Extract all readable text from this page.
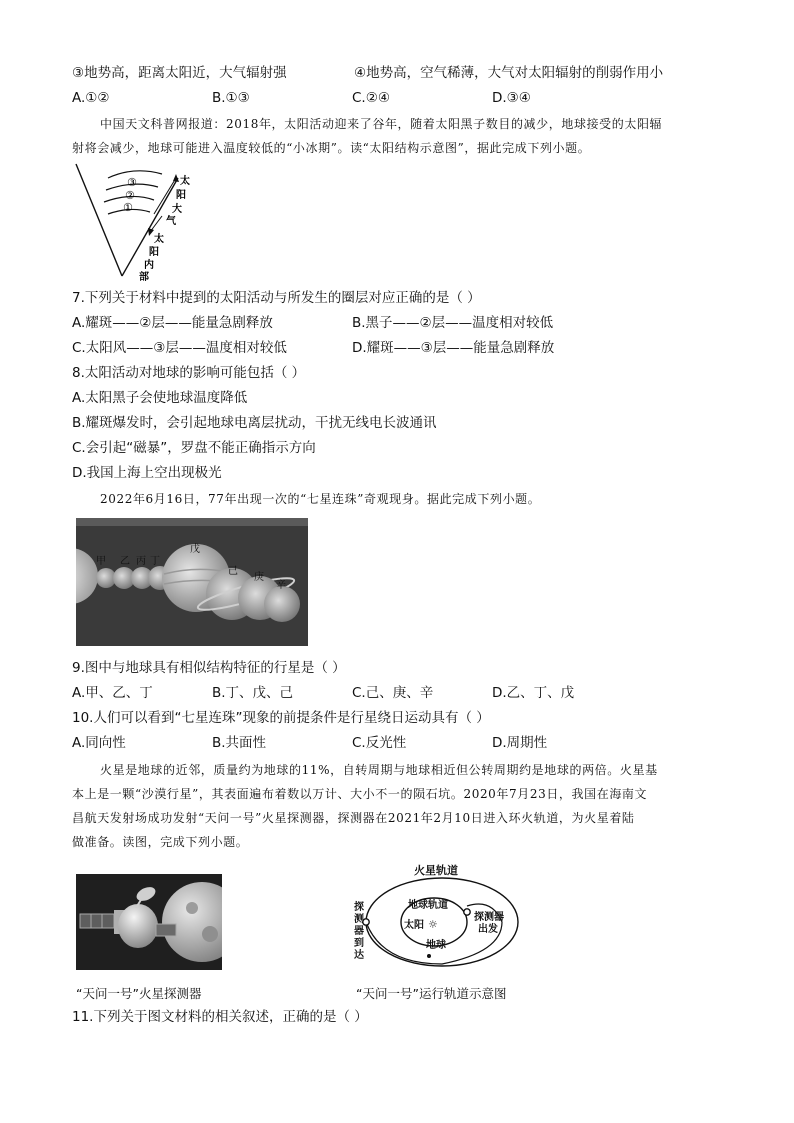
③地势高，距离太阳近，大气辐射强	④地势高，空气稀薄，大气对太阳辐射的削弱作用小
A.①②	B.①③	C.②④	D.③④
中国天文科普网报道：2018年，太阳活动迎来了谷年，随着太阳黑子数目的减少，地球接受的太阳辐
射将会减少，地球可能进入温度较低的“小冰期”。读“太阳结构示意图”，据此完成下列小题。
③
②
①
太
阳
大
气
太
阳
内
部
7.下列关于材料中提到的太阳活动与所发生的圈层对应正确的是（ ）
A.耀斑——②层——能量急剧释放	B.黑子——②层——温度相对较低
C.太阳风——③层——温度相对较低	D.耀斑——③层——能量急剧释放
8.太阳活动对地球的影响可能包括（ ）
A.太阳黑子会使地球温度降低
B.耀斑爆发时，会引起地球电离层扰动，干扰无线电长波通讯
C.会引起“磁暴”，罗盘不能正确指示方向
D.我国上海上空出现极光
2022年6月16日，77年出现一次的“七星连珠”奇观现身。据此完成下列小题。
甲 乙 丙 丁
戊
己
庚
辛
9.图中与地球具有相似结构特征的行星是（ ）
A.甲、乙、丁	B.丁、戊、己	C.己、庚、辛	D.乙、丁、戊
10.人们可以看到“七星连珠”现象的前提条件是行星绕日运动具有（ ）
A.同向性	B.共面性	C.反光性	D.周期性
火星是地球的近邻，质量约为地球的11%，自转周期与地球相近但公转周期约是地球的两倍。火星基
本上是一颗“沙漠行星”，其表面遍布着数以万计、大小不一的陨石坑。2020年7月23日，我国在海南文
昌航天发射场成功发射“天问一号”火星探测器，探测器在2021年2月10日进入环火轨道，为火星着陆
做准备。读图，完成下列小题。
火星轨道
地球轨道
太阳 ☼
地球
探
测
器
到
达
探测器
出发
“天问一号”火星探测器	“天问一号”运行轨道示意图
11.下列关于图文材料的相关叙述，正确的是（ ）
